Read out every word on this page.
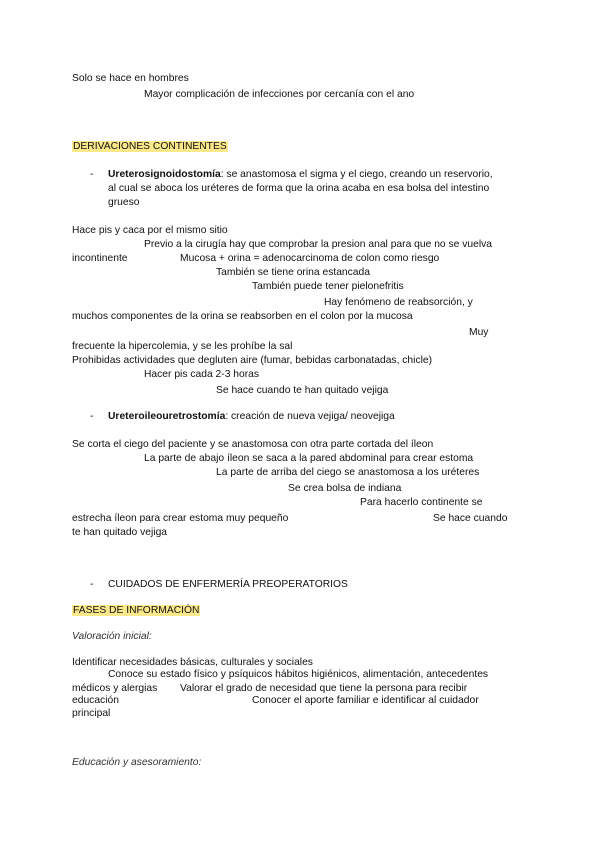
Solo se hace en hombres
Mayor complicación de infecciones por cercanía con el ano
DERIVACIONES CONTINENTES
- Ureterosignoidostomía: se anastomosa el sigma y el ciego, creando un reservorio,
al cual se aboca los uréteres de forma que la orina acaba en esa bolsa del intestino
grueso
Hace pis y caca por el mismo sitio
Previo a la cirugía hay que comprobar la presion anal para que no se vuelva
incontinente	Mucosa + orina = adenocarcinoma de colon como riesgo
También se tiene orina estancada
También puede tener pielonefritis
Hay fenómeno de reabsorción, y
muchos componentes de la orina se reabsorben en el colon por la mucosa
Muy
frecuente la hipercolemia, y se les prohíbe la sal
Prohibidas actividades que degluten aire (fumar, bebidas carbonatadas, chicle)
Hacer pis cada 2-3 horas
Se hace cuando te han quitado vejiga
- Ureteroileouretrostomía: creación de nueva vejiga/ neovejiga
Se corta el ciego del paciente y se anastomosa con otra parte cortada del íleon
La parte de abajo íleon se saca a la pared abdominal para crear estoma
La parte de arriba del ciego se anastomosa a los uréteres
Se crea bolsa de indiana
Para hacerlo continente se
estrecha íleon para crear estoma muy pequeño	Se hace cuando
te han quitado vejiga
- CUIDADOS DE ENFERMERÍA PREOPERATORIOS
FASES DE INFORMACIÓN
Valoración inicial:
Identificar necesidades básicas, culturales y sociales
Conoce su estado físico y psíquicos hábitos higiénicos, alimentación, antecedentes
médicos y alergias Valorar el grado de necesidad que tiene la persona para recibir
educación	Conocer el aporte familiar e identificar al cuidador
principal
Educación y asesoramiento:
